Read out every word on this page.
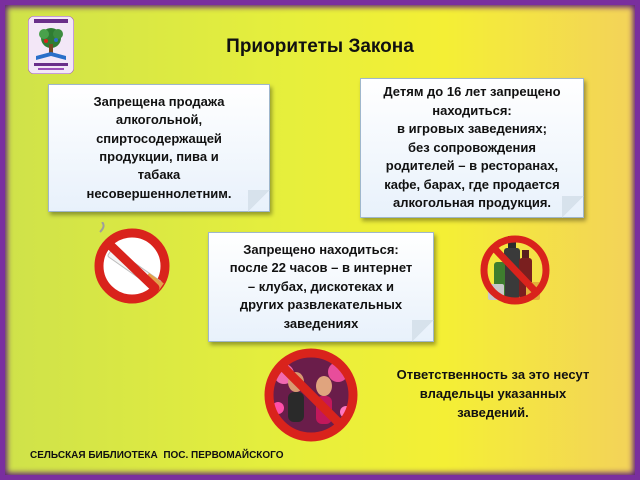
Приоритеты Закона
Запрещена продажа
алкогольной,
спиртосодержащей
продукции, пива и
табака
несовершеннолетним.
Детям до 16 лет запрещено
находиться:
в игровых заведениях;
без сопровождения
родителей – в ресторанах,
кафе, барах, где продается
алкогольная продукция.
Запрещено находиться:
после 22 часов – в интернет
– клубах, дискотеках и
других развлекательных
заведениях
Ответственность за это несут
владельцы указанных
заведений.
СЕЛЬСКАЯ БИБЛИОТЕКА  ПОС. ПЕРВОМАЙСКОГО
